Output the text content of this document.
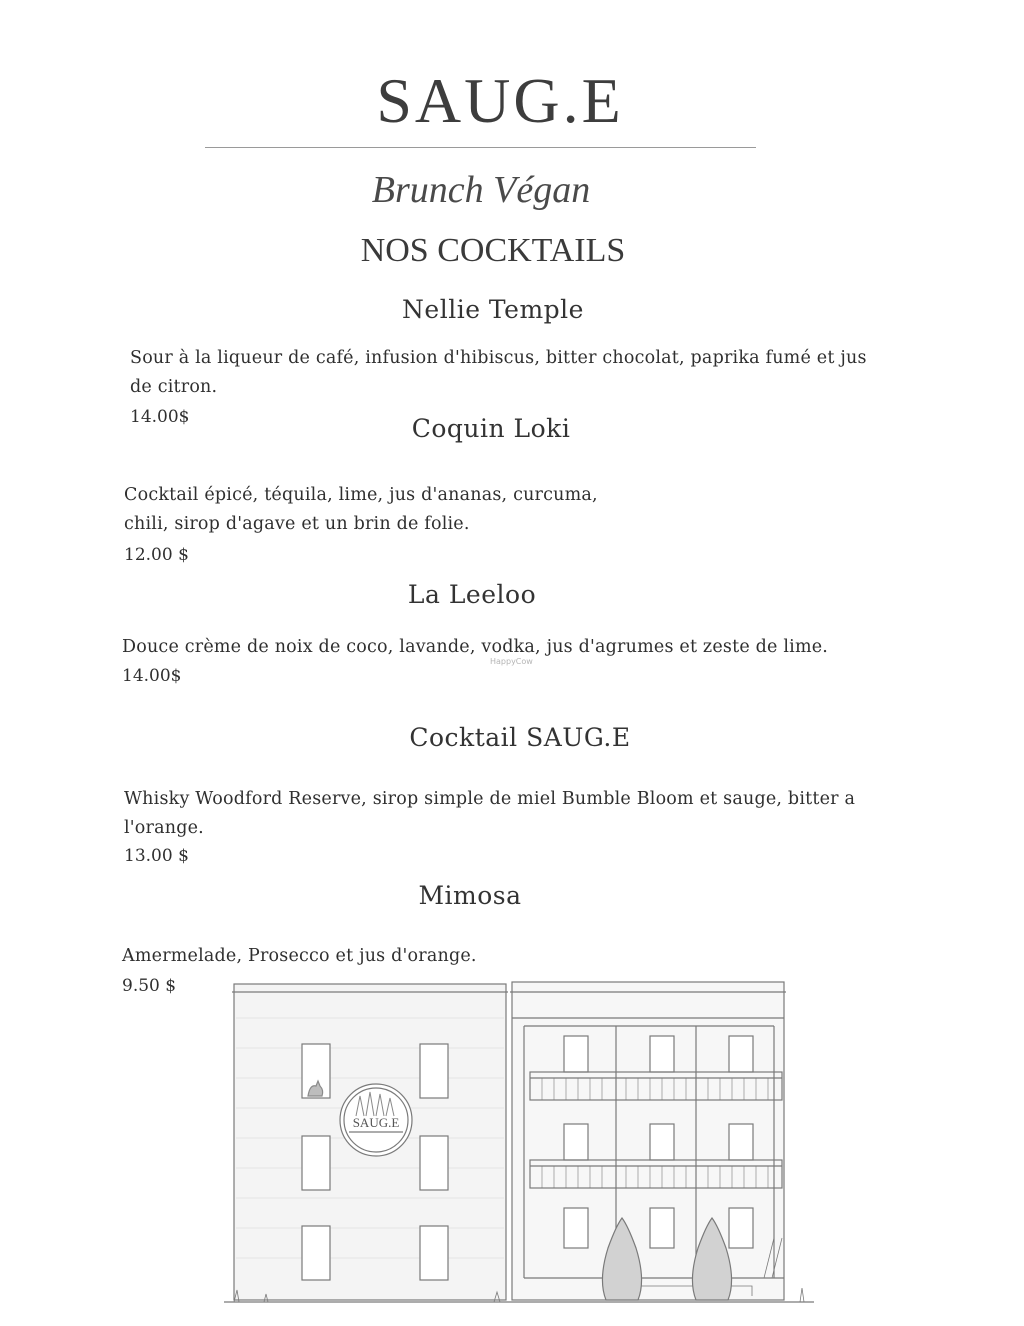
SAUG.E
Brunch Végan
NOS COCKTAILS
Nellie Temple
Sour à la liqueur de café, infusion d'hibiscus, bitter chocolat, paprika fumé et jus
de citron.
14.00$	Coquin Loki
Cocktail épicé, téquila, lime, jus d'ananas, curcuma,
chili, sirop d'agave et un brin de folie.
12.00 $
La Leeloo
Douce crème de noix de coco, lavande, vodka, jus d'agrumes et zeste de lime.
14.00$
HappyCow
Cocktail SAUG.E
Whisky Woodford Reserve, sirop simple de miel Bumble Bloom et sauge, bitter a
l'orange.
13.00 $
Mimosa
Amermelade, Prosecco et jus d'orange.
9.50 $
SAUG.E
